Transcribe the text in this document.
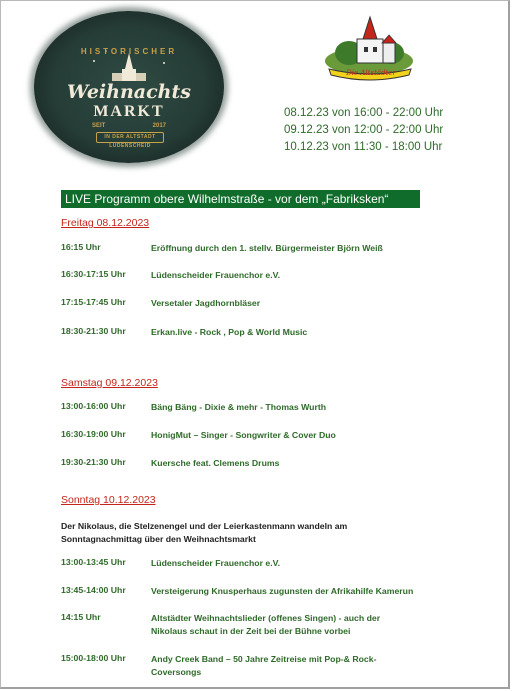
HISTORISCHER
Weihnachts
MARKT
SEIT	2017
IN DER ALTSTADT LÜDENSCHEID
Die Altstädter
08.12.23 von 16:00 - 22:00 Uhr
09.12.23 von 12:00 - 22:00 Uhr
10.12.23 von 11:30 - 18:00 Uhr
LIVE Programm obere Wilhelmstraße - vor dem „Fabriksken“
Freitag 08.12.2023
16:15 Uhr	Eröffnung durch den 1. stellv. Bürgermeister Björn Weiß
16:30-17:15 Uhr	Lüdenscheider Frauenchor e.V.
17:15-17:45 Uhr	Versetaler Jagdhornbläser
18:30-21:30 Uhr	Erkan.live - Rock , Pop & World Music
Samstag 09.12.2023
13:00-16:00 Uhr	Bäng Bäng - Dixie & mehr - Thomas Wurth
16:30-19:00 Uhr	HonigMut – Singer - Songwriter & Cover Duo
19:30-21:30 Uhr	Kuersche feat. Clemens Drums
Sonntag 10.12.2023
Der Nikolaus, die Stelzenengel und der Leierkastenmann wandeln am
Sonntagnachmittag über den Weihnachtsmarkt
13:00-13:45 Uhr	Lüdenscheider Frauenchor e.V.
13:45-14:00 Uhr	Versteigerung Knusperhaus zugunsten der Afrikahilfe Kamerun
14:15 Uhr	Altstädter Weihnachtslieder (offenes Singen) - auch der
Nikolaus schaut in der Zeit bei der Bühne vorbei
15:00-18:00 Uhr	Andy Creek Band – 50 Jahre Zeitreise mit Pop-& Rock-
Coversongs
